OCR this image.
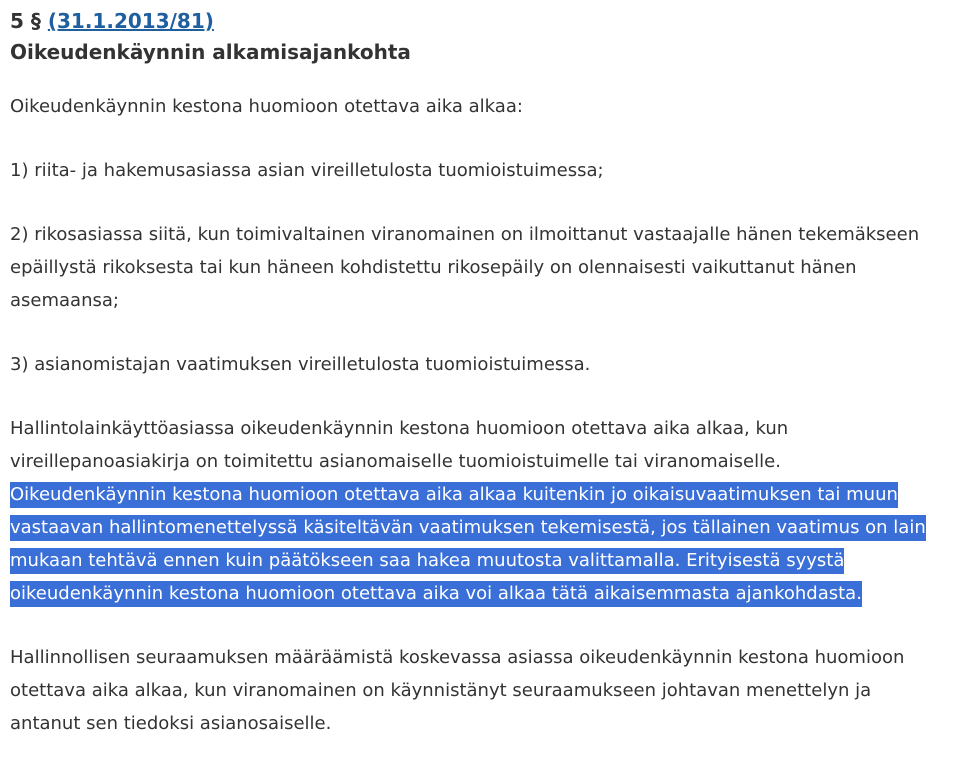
5 § (31.1.2013/81)
Oikeudenkäynnin alkamisajankohta

Oikeudenkäynnin kestona huomioon otettava aika alkaa:

1) riita- ja hakemusasiassa asian vireilletulosta tuomioistuimessa;

2) rikosasiassa siitä, kun toimivaltainen viranomainen on ilmoittanut vastaajalle hänen tekemäkseen
epäillystä rikoksesta tai kun häneen kohdistettu rikosepäily on olennaisesti vaikuttanut hänen
asemaansa;

3) asianomistajan vaatimuksen vireilletulosta tuomioistuimessa.

Hallintolainkäyttöasiassa oikeudenkäynnin kestona huomioon otettava aika alkaa, kun
vireillepanoasiakirja on toimitettu asianomaiselle tuomioistuimelle tai viranomaiselle.

Oikeudenkäynnin kestona huomioon otettava aika alkaa kuitenkin jo oikaisuvaatimuksen tai muun
vastaavan hallintomenettelyssä käsiteltävän vaatimuksen tekemisestä, jos tällainen vaatimus on lain
mukaan tehtävä ennen kuin päätökseen saa hakea muutosta valittamalla. Erityisestä syystä
oikeudenkäynnin kestona huomioon otettava aika voi alkaa tätä aikaisemmasta ajankohdasta.

Hallinnollisen seuraamuksen määräämistä koskevassa asiassa oikeudenkäynnin kestona huomioon
otettava aika alkaa, kun viranomainen on käynnistänyt seuraamukseen johtavan menettelyn ja
antanut sen tiedoksi asianosaiselle.
